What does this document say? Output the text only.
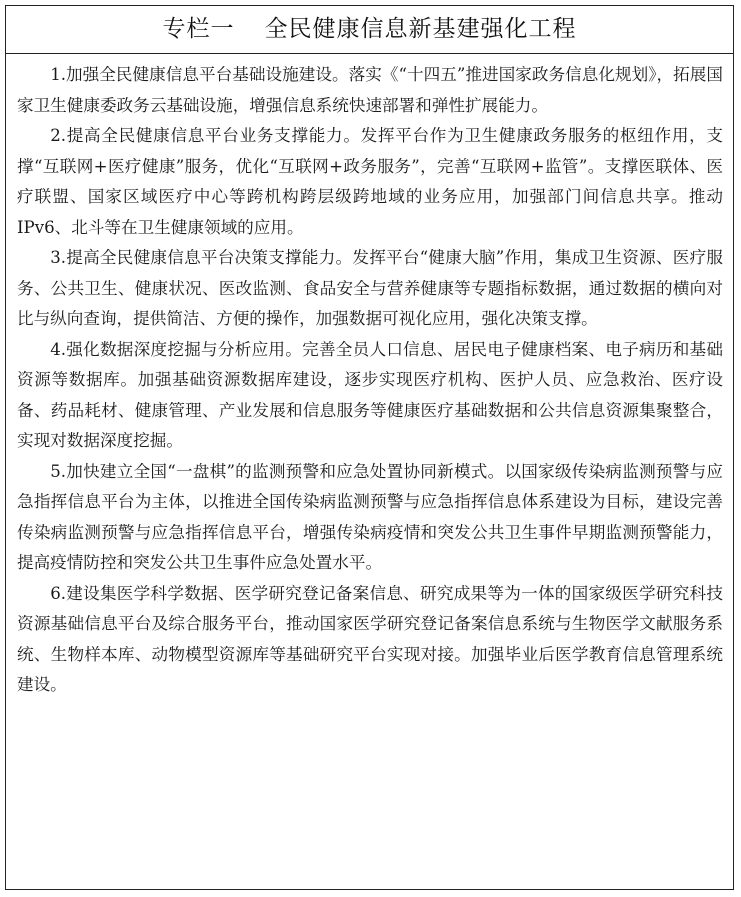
专栏一 全民健康信息新基建强化工程

1.加强全民健康信息平台基础设施建设。落实《“十四五”推进国家政务信息化规划》，拓展国家卫生健康委政务云基础设施，增强信息系统快速部署和弹性扩展能力。

2.提高全民健康信息平台业务支撑能力。发挥平台作为卫生健康政务服务的枢纽作用，支撑“互联网+医疗健康”服务，优化“互联网+政务服务”，完善“互联网+监管”。支撑医联体、医疗联盟、国家区域医疗中心等跨机构跨层级跨地域的业务应用，加强部门间信息共享。推动IPv6、北斗等在卫生健康领域的应用。

3.提高全民健康信息平台决策支撑能力。发挥平台“健康大脑”作用，集成卫生资源、医疗服务、公共卫生、健康状况、医改监测、食品安全与营养健康等专题指标数据，通过数据的横向对比与纵向查询，提供简洁、方便的操作，加强数据可视化应用，强化决策支撑。

4.强化数据深度挖掘与分析应用。完善全员人口信息、居民电子健康档案、电子病历和基础资源等数据库。加强基础资源数据库建设，逐步实现医疗机构、医护人员、应急救治、医疗设备、药品耗材、健康管理、产业发展和信息服务等健康医疗基础数据和公共信息资源集聚整合，实现对数据深度挖掘。

5.加快建立全国“一盘棋”的监测预警和应急处置协同新模式。以国家级传染病监测预警与应急指挥信息平台为主体，以推进全国传染病监测预警与应急指挥信息体系建设为目标，建设完善传染病监测预警与应急指挥信息平台，增强传染病疫情和突发公共卫生事件早期监测预警能力，提高疫情防控和突发公共卫生事件应急处置水平。

6.建设集医学科学数据、医学研究登记备案信息、研究成果等为一体的国家级医学研究科技资源基础信息平台及综合服务平台，推动国家医学研究登记备案信息系统与生物医学文献服务系统、生物样本库、动物模型资源库等基础研究平台实现对接。加强毕业后医学教育信息管理系统建设。
